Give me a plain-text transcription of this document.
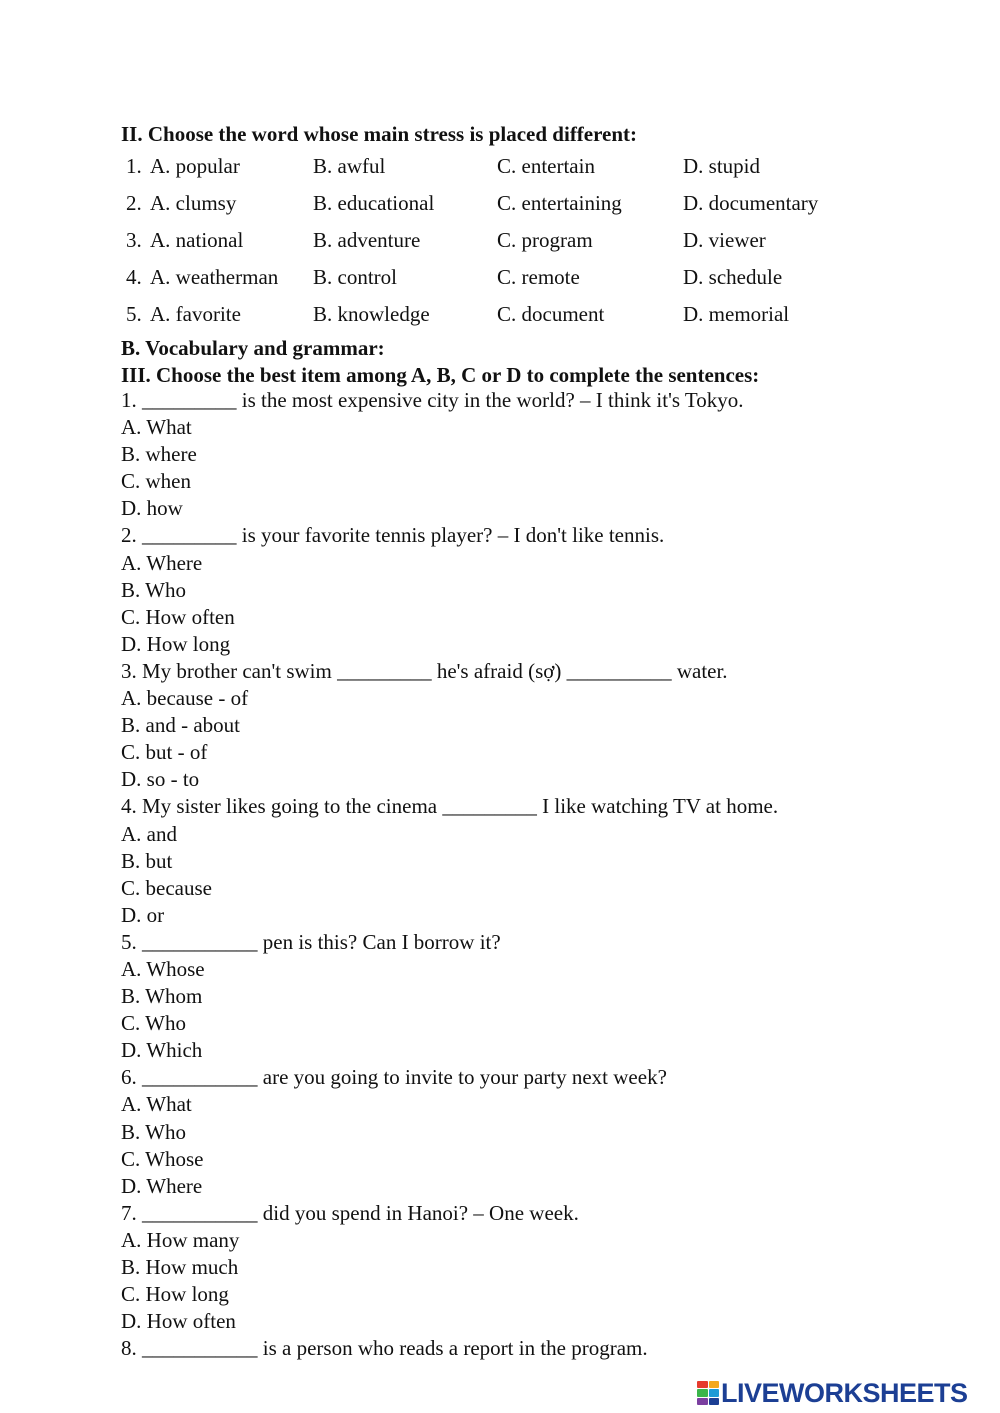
II. Choose the word whose main stress is placed different:
1. A. popular	B. awful	C. entertain	D. stupid
2. A. clumsy	B. educational	C. entertaining	D. documentary
3. A. national	B. adventure	C. program	D. viewer
4. A. weatherman B. control	C. remote	D. schedule
5. A. favorite	B. knowledge	C. document	D. memorial
B. Vocabulary and grammar:
III. Choose the best item among A, B, C or D to complete the sentences:
1. _________ is the most expensive city in the world? – I think it's Tokyo.
A. What
B. where
C. when
D. how
2. _________ is your favorite tennis player? – I don't like tennis.
A. Where
B. Who
C. How often
D. How long
3. My brother can't swim _________ he's afraid (sợ) __________ water.
A. because - of
B. and - about
C. but - of
D. so - to
4. My sister likes going to the cinema _________ I like watching TV at home.
A. and
B. but
C. because
D. or
5. ___________ pen is this? Can I borrow it?
A. Whose
B. Whom
C. Who
D. Which
6. ___________ are you going to invite to your party next week?
A. What
B. Who
C. Whose
D. Where
7. ___________ did you spend in Hanoi? – One week.
A. How many
B. How much
C. How long
D. How often
8. ___________ is a person who reads a report in the program.
LIVEWORKSHEETS
